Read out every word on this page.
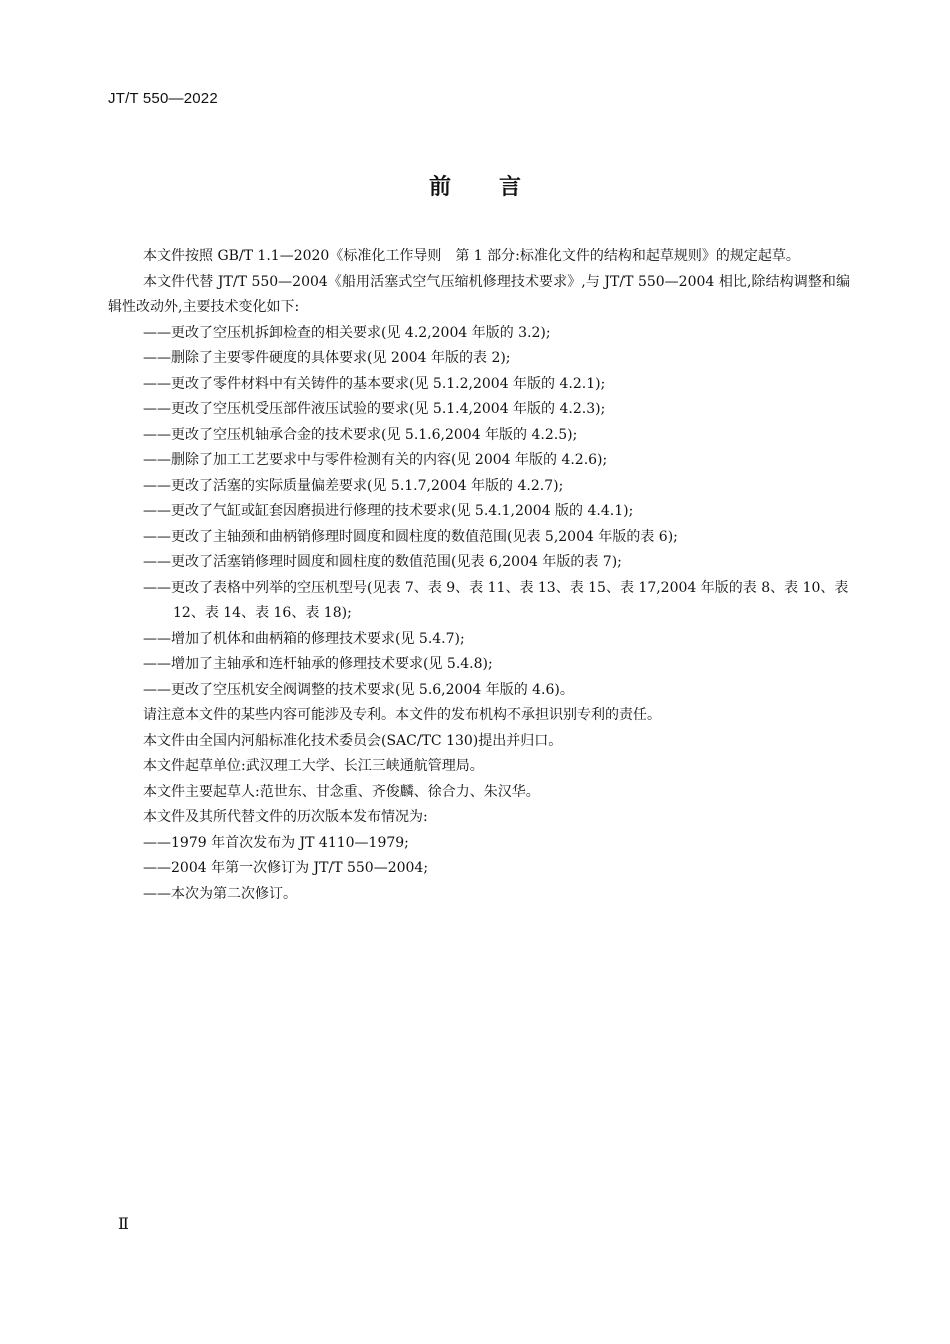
JT/T 550—2022
前言

本文件按照 GB/T 1.1—2020《标准化工作导则　第 1 部分:标准化文件的结构和起草规则》的规定起草。

本文件代替 JT/T 550—2004《船用活塞式空气压缩机修理技术要求》,与 JT/T 550—2004 相比,除结构调整和编辑性改动外,主要技术变化如下:

——更改了空压机拆卸检查的相关要求(见 4.2,2004 年版的 3.2);

——删除了主要零件硬度的具体要求(见 2004 年版的表 2);

——更改了零件材料中有关铸件的基本要求(见 5.1.2,2004 年版的 4.2.1);

——更改了空压机受压部件液压试验的要求(见 5.1.4,2004 年版的 4.2.3);

——更改了空压机轴承合金的技术要求(见 5.1.6,2004 年版的 4.2.5);

——删除了加工工艺要求中与零件检测有关的内容(见 2004 年版的 4.2.6);

——更改了活塞的实际质量偏差要求(见 5.1.7,2004 年版的 4.2.7);

——更改了气缸或缸套因磨损进行修理的技术要求(见 5.4.1,2004 版的 4.4.1);

——更改了主轴颈和曲柄销修理时圆度和圆柱度的数值范围(见表 5,2004 年版的表 6);

——更改了活塞销修理时圆度和圆柱度的数值范围(见表 6,2004 年版的表 7);

——更改了表格中列举的空压机型号(见表 7、表 9、表 11、表 13、表 15、表 17,2004 年版的表 8、表 10、表 12、表 14、表 16、表 18);

——增加了机体和曲柄箱的修理技术要求(见 5.4.7);

——增加了主轴承和连杆轴承的修理技术要求(见 5.4.8);

——更改了空压机安全阀调整的技术要求(见 5.6,2004 年版的 4.6)。

请注意本文件的某些内容可能涉及专利。本文件的发布机构不承担识别专利的责任。

本文件由全国内河船标准化技术委员会(SAC/TC 130)提出并归口。

本文件起草单位:武汉理工大学、长江三峡通航管理局。

本文件主要起草人:范世东、甘念重、齐俊麟、徐合力、朱汉华。

本文件及其所代替文件的历次版本发布情况为:

——1979 年首次发布为 JT 4110—1979;

——2004 年第一次修订为 JT/T 550—2004;

——本次为第二次修订。

Ⅱ
